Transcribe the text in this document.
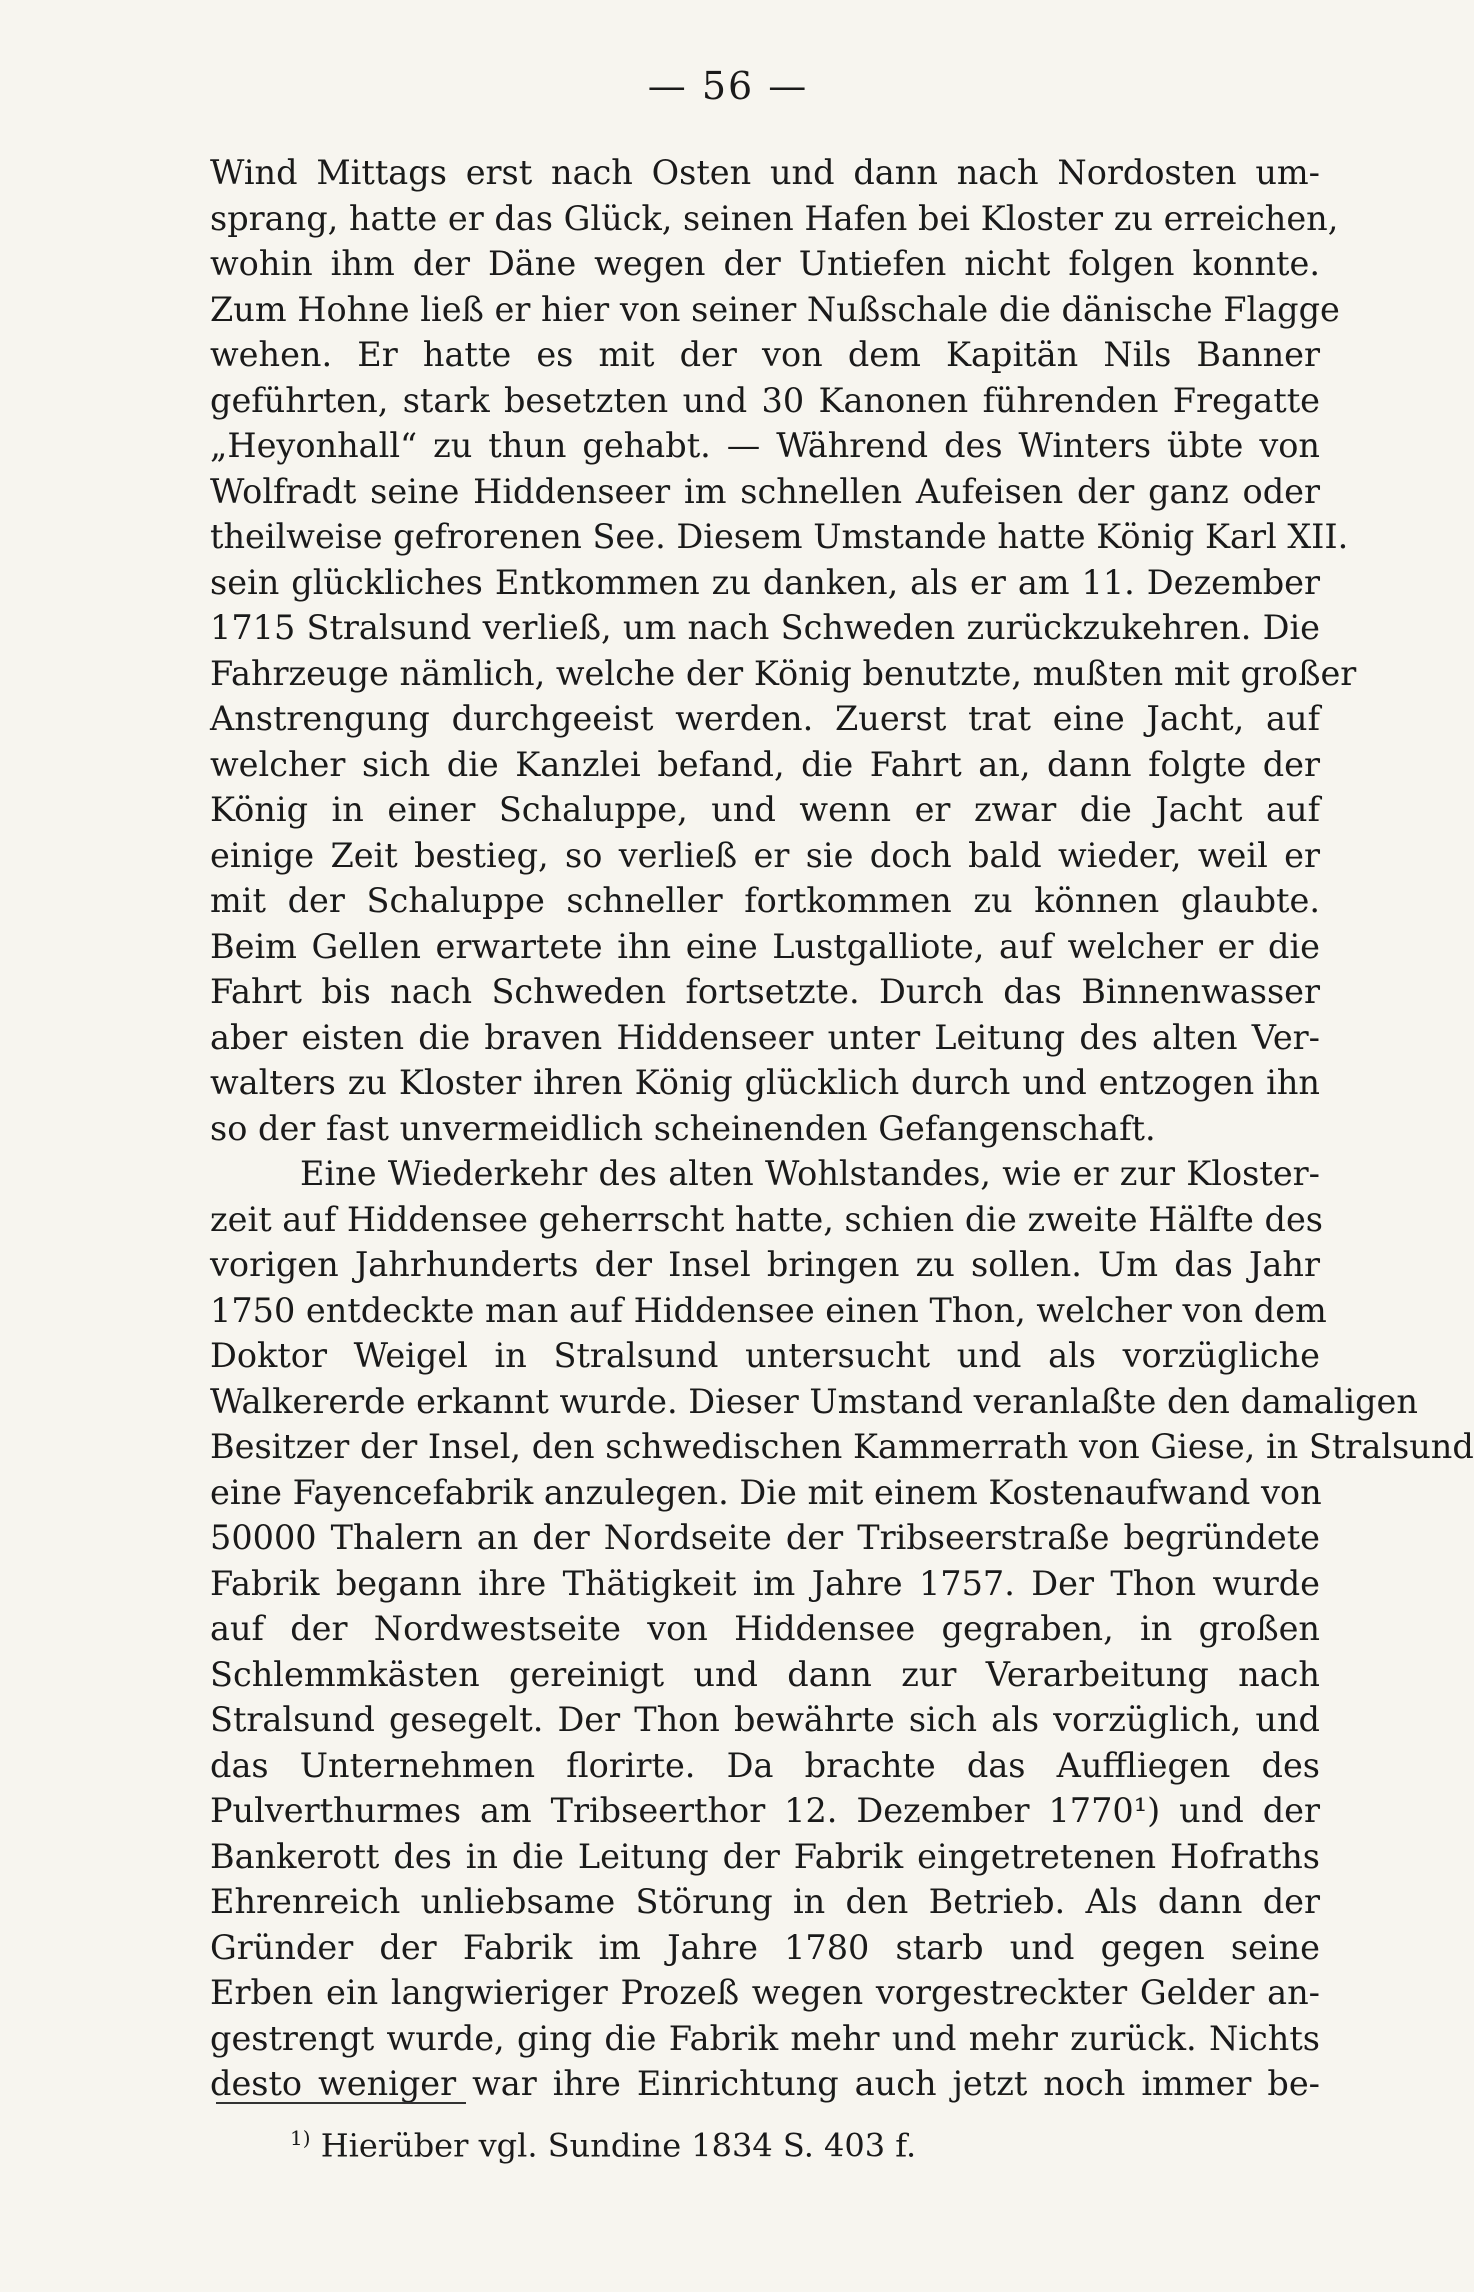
— 56 —

Wind Mittags erst nach Osten und dann nach Nordosten um-
sprang, hatte er das Glück, seinen Hafen bei Kloster zu erreichen,
wohin ihm der Däne wegen der Untiefen nicht folgen konnte.
Zum Hohne ließ er hier von seiner Nußschale die dänische Flagge
wehen. Er hatte es mit der von dem Kapitän Nils Banner
geführten, stark besetzten und 30 Kanonen führenden Fregatte
„Heyonhall“ zu thun gehabt. — Während des Winters übte von
Wolfradt seine Hiddenseer im schnellen Aufeisen der ganz oder
theilweise gefrorenen See. Diesem Umstande hatte König Karl XII.
sein glückliches Entkommen zu danken, als er am 11. Dezember
1715 Stralsund verließ, um nach Schweden zurückzukehren. Die
Fahrzeuge nämlich, welche der König benutzte, mußten mit großer
Anstrengung durchgeeist werden. Zuerst trat eine Jacht, auf
welcher sich die Kanzlei befand, die Fahrt an, dann folgte der
König in einer Schaluppe, und wenn er zwar die Jacht auf
einige Zeit bestieg, so verließ er sie doch bald wieder, weil er
mit der Schaluppe schneller fortkommen zu können glaubte.
Beim Gellen erwartete ihn eine Lustgalliote, auf welcher er die
Fahrt bis nach Schweden fortsetzte. Durch das Binnenwasser
aber eisten die braven Hiddenseer unter Leitung des alten Ver-
walters zu Kloster ihren König glücklich durch und entzogen ihn
so der fast unvermeidlich scheinenden Gefangenschaft.

Eine Wiederkehr des alten Wohlstandes, wie er zur Kloster-
zeit auf Hiddensee geherrscht hatte, schien die zweite Hälfte des
vorigen Jahrhunderts der Insel bringen zu sollen. Um das Jahr
1750 entdeckte man auf Hiddensee einen Thon, welcher von dem
Doktor Weigel in Stralsund untersucht und als vorzügliche
Walkererde erkannt wurde. Dieser Umstand veranlaßte den damaligen
Besitzer der Insel, den schwedischen Kammerrath von Giese, in Stralsund
eine Fayencefabrik anzulegen. Die mit einem Kostenaufwand von
50000 Thalern an der Nordseite der Tribseerstraße begründete
Fabrik begann ihre Thätigkeit im Jahre 1757. Der Thon wurde
auf der Nordwestseite von Hiddensee gegraben, in großen
Schlemmkästen gereinigt und dann zur Verarbeitung nach
Stralsund gesegelt. Der Thon bewährte sich als vorzüglich, und
das Unternehmen florirte. Da brachte das Auffliegen des
Pulverthurmes am Tribseerthor 12. Dezember 1770¹) und der
Bankerott des in die Leitung der Fabrik eingetretenen Hofraths
Ehrenreich unliebsame Störung in den Betrieb. Als dann der
Gründer der Fabrik im Jahre 1780 starb und gegen seine
Erben ein langwieriger Prozeß wegen vorgestreckter Gelder an-
gestrengt wurde, ging die Fabrik mehr und mehr zurück. Nichts
desto weniger war ihre Einrichtung auch jetzt noch immer be-

$^{1)}$ Hierüber vgl. Sundine 1834 S. 403 f.
